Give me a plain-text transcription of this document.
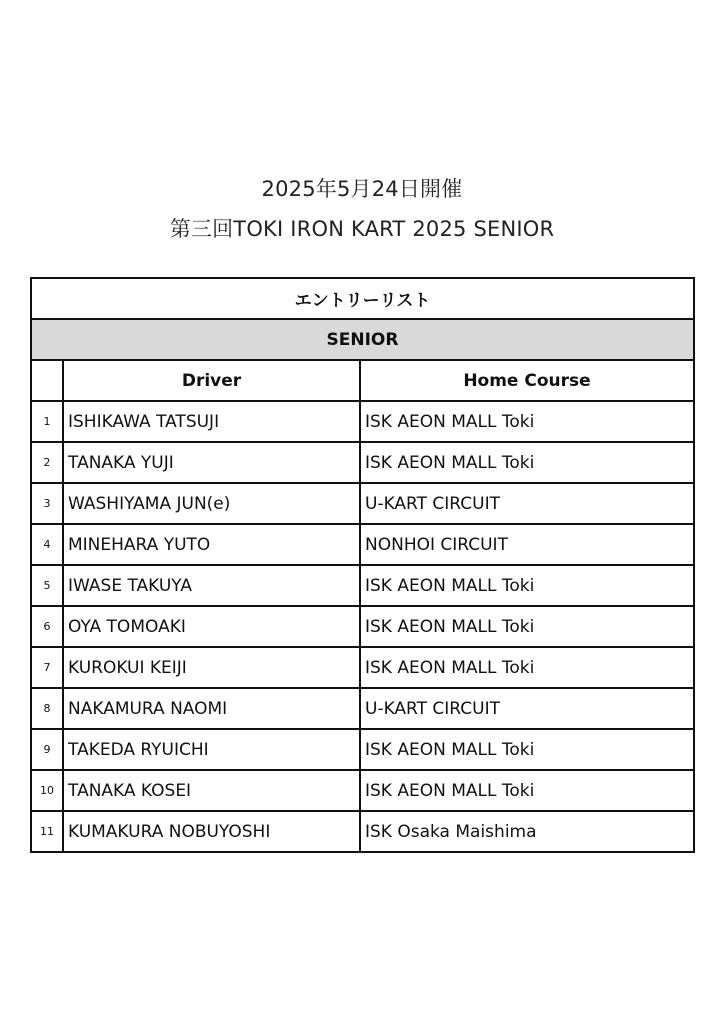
2025年5月24日開催
第三回TOKI IRON KART 2025 SENIOR
エントリーリスト		
SENIOR		
	Driver	Home Course
1	ISHIKAWA TATSUJI	ISK AEON MALL Toki
2	TANAKA YUJI	ISK AEON MALL Toki
3	WASHIYAMA JUN(e)	U-KART CIRCUIT
4	MINEHARA YUTO	NONHOI CIRCUIT
5	IWASE TAKUYA	ISK AEON MALL Toki
6	OYA TOMOAKI	ISK AEON MALL Toki
7	KUROKUI KEIJI	ISK AEON MALL Toki
8	NAKAMURA NAOMI	U-KART CIRCUIT
9	TAKEDA RYUICHI	ISK AEON MALL Toki
10	TANAKA KOSEI	ISK AEON MALL Toki
11	KUMAKURA NOBUYOSHI	ISK Osaka Maishima
